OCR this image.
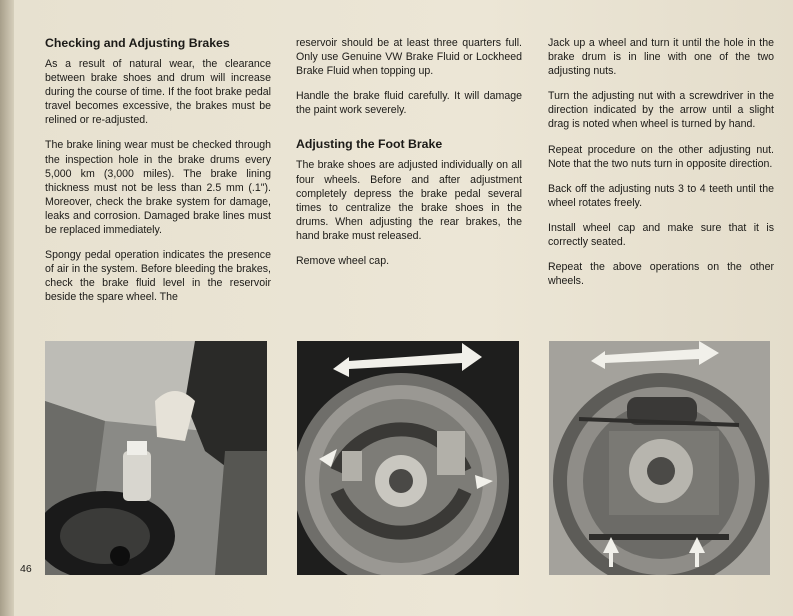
Checking and Adjusting Brakes

As a result of natural wear, the clearance between brake shoes and drum will increase during the course of time. If the foot brake pedal travel becomes excessive, the brakes must be relined or re-adjusted.

The brake lining wear must be checked through the inspection hole in the brake drums every 5,000 km (3,000 miles). The brake lining thickness must not be less than 2.5 mm (.1"). Moreover, check the brake system for damage, leaks and corrosion. Damaged brake lines must be replaced immediately.

Spongy pedal operation indicates the presence of air in the system. Before bleeding the brakes, check the brake fluid level in the reservoir beside the spare wheel. The

reservoir should be at least three quarters full. Only use Genuine VW Brake Fluid or Lockheed Brake Fluid when topping up.

Handle the brake fluid carefully. It will damage the paint work severely.

Adjusting the Foot Brake

The brake shoes are adjusted individually on all four wheels. Before and after adjustment completely depress the brake pedal several times to centralize the brake shoes in the drums. When adjusting the rear brakes, the hand brake must released.

Remove wheel cap.

Jack up a wheel and turn it until the hole in the brake drum is in line with one of the two adjusting nuts.

Turn the adjusting nut with a screwdriver in the direction indicated by the arrow until a slight drag is noted when wheel is turned by hand.

Repeat procedure on the other adjusting nut. Note that the two nuts turn in opposite direction.

Back off the adjusting nuts 3 to 4 teeth until the wheel rotates freely.

Install wheel cap and make sure that it is correctly seated.

Repeat the above operations on the other wheels.

46
